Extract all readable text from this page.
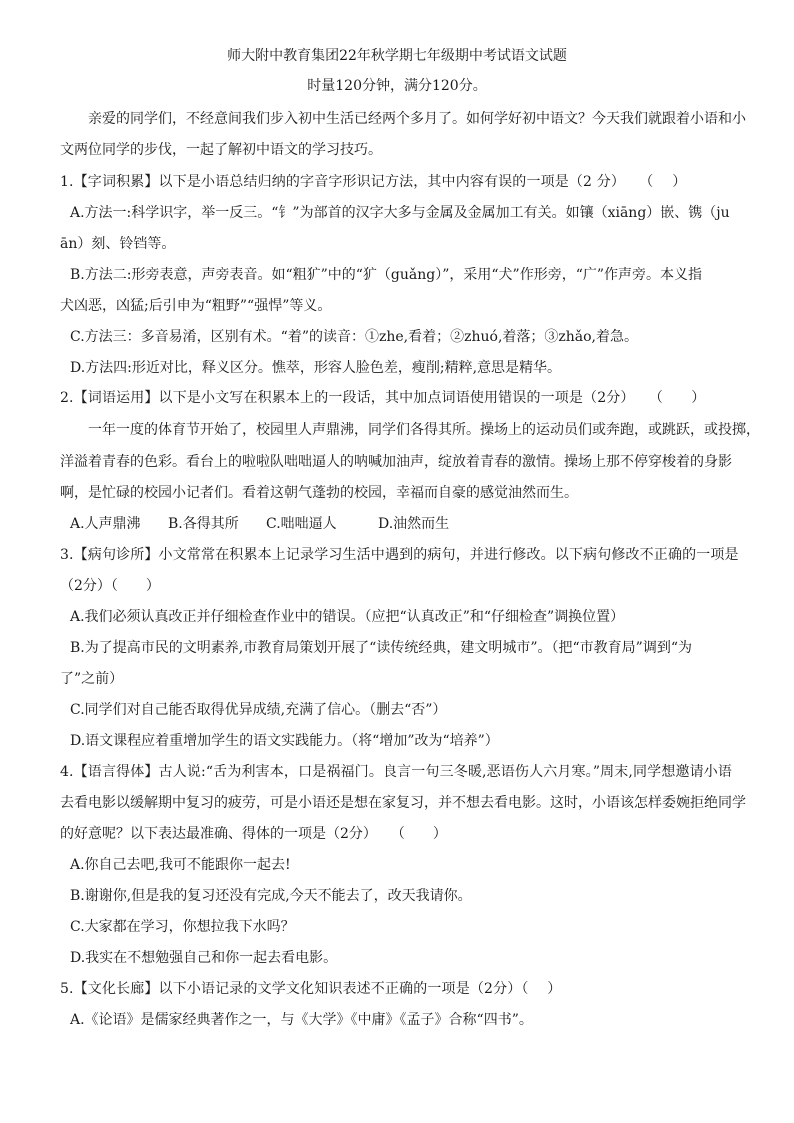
师大附中教育集团22年秋学期七年级期中考试语文试题
时量120分钟，满分120分。
亲爱的同学们，不经意间我们步入初中生活已经两个多月了。如何学好初中语文？今天我们就跟着小语和小
文两位同学的步伐，一起了解初中语文的学习技巧。
1.【字词积累】以下是小语总结归纳的字音字形识记方法，其中内容有误的一项是（2 分）　　（　 ）
A.方法一:科学识字，举一反三。“钅”为部首的汉字大多与金属及金属加工有关。如镶（xiāng）嵌、镌（ju
ān）刻、铃铛等。
B.方法二:形旁表意，声旁表音。如“粗犷”中的“犷（guǎng）”，采用“犬”作形旁，“广”作声旁。本义指
犬凶恶，凶猛;后引申为“粗野”“强悍”等义。
C.方法三：多音易淆，区别有术。“着”的读音：①zhe,看着；②zhuó,着落；③zhǎo,着急。
D.方法四:形近对比，释义区分。憔萃，形容人脸色差，瘦削;精粹,意思是精华。
2.【词语运用】以下是小文写在积累本上的一段话，其中加点词语使用错误的一项是（2分）　　（　　）
一年一度的体育节开始了，校园里人声鼎沸，同学们各得其所。操场上的运动员们或奔跑，或跳跃，或投掷，
洋溢着青春的色彩。看台上的啦啦队咄咄逼人的呐喊加油声，绽放着青春的激情。操场上那不停穿梭着的身影
啊，是忙碌的校园小记者们。看着这朝气蓬勃的校园，幸福而自豪的感觉油然而生。
A.人声鼎沸 B.各得其所 C.咄咄逼人	D.油然而生
3.【病句诊所】小文常常在积累本上记录学习生活中遇到的病句，并进行修改。以下病句修改不正确的一项是
（2分）（　　）
A.我们必须认真改正并仔细检查作业中的错误。（应把“认真改正”和“仔细检查”调换位置）
B.为了提高市民的文明素养,市教育局策划开展了“读传统经典，建文明城市”。（把“市教育局”调到“为
了”之前）
C.同学们对自己能否取得优异成绩,充满了信心。（删去“否”）
D.语文课程应着重增加学生的语文实践能力。（将“增加”改为“培养”）
4.【语言得体】古人说:“舌为利害本，口是祸福门。良言一句三冬暖,恶语伤人六月寒。”周末,同学想邀请小语
去看电影以缓解期中复习的疲劳，可是小语还是想在家复习，并不想去看电影。这时，小语该怎样委婉拒绝同学
的好意呢？以下表达最准确、得体的一项是（2分）　　（　　）
A.你自己去吧,我可不能跟你一起去!
B.谢谢你,但是我的复习还没有完成,今天不能去了，改天我请你。
C.大家都在学习，你想拉我下水吗？
D.我实在不想勉强自己和你一起去看电影。
5.【文化长廊】以下小语记录的文学文化知识表述不正确的一项是（2分）（　 ）
A.《论语》是儒家经典著作之一，与《大学》《中庸》《孟子》合称“四书”。
